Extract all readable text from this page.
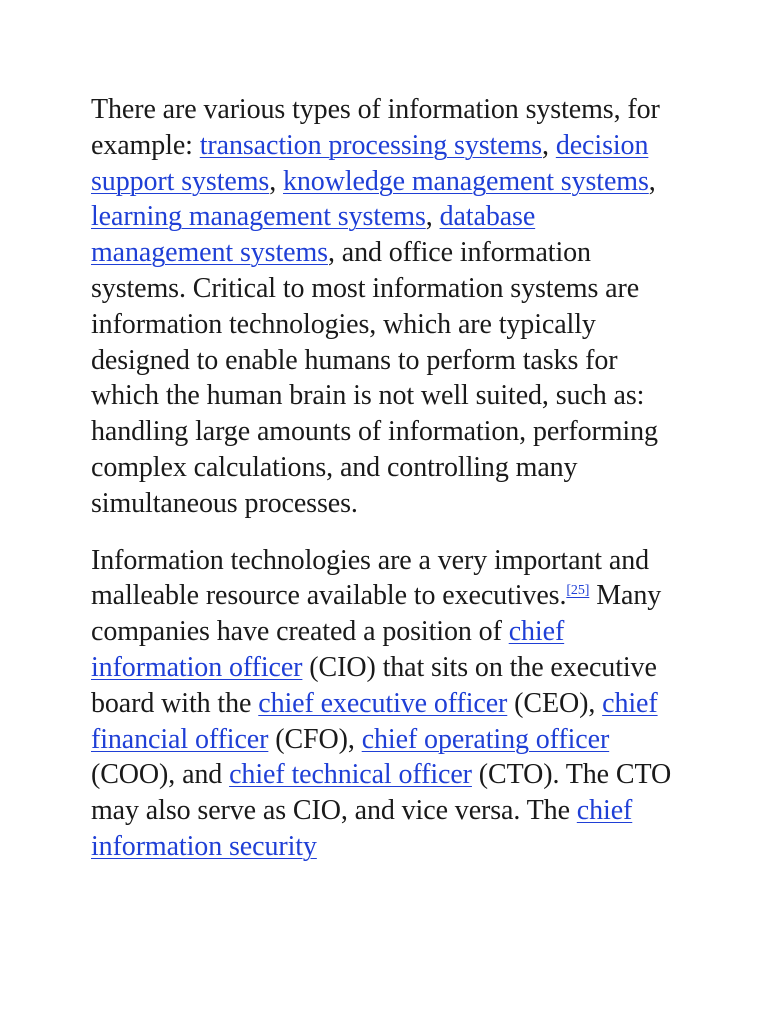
There are various types of information systems, for example: transaction processing systems, decision support systems, knowledge management systems, learning management systems, database management systems, and office information systems. Critical to most information systems are information technologies, which are typically designed to enable humans to perform tasks for which the human brain is not well suited, such as: handling large amounts of information, performing complex calculations, and controlling many simultaneous processes.

Information technologies are a very important and malleable resource available to executives.[25] Many companies have created a position of chief information officer (CIO) that sits on the executive board with the chief executive officer (CEO), chief financial officer (CFO), chief operating officer (COO), and chief technical officer (CTO). The CTO may also serve as CIO, and vice versa. The chief information security
